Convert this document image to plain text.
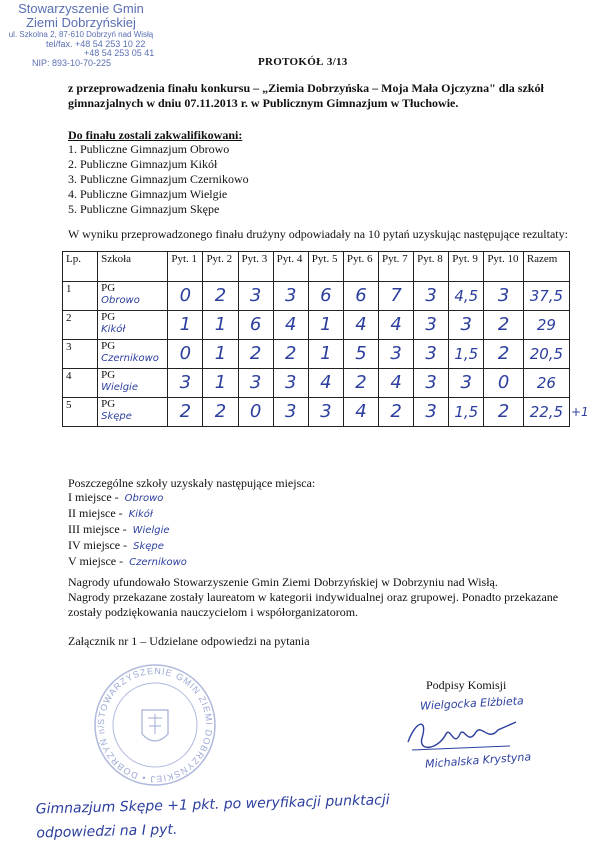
Stowarzyszenie Gmin
Ziemi Dobrzyńskiej
ul. Szkolna 2, 87-610 Dobrzyń nad Wisłą
tel/fax. +48 54 253 10 22
+48 54 253 05 41
NIP: 893-10-70-225	PROTOKÓŁ 3/13
z przeprowadzenia finału konkursu – „Ziemia Dobrzyńska – Moja Mała Ojczyzna" dla szkół gimnazjalnych w dniu 07.11.2013 r. w Publicznym Gimnazjum w Tłuchowie.
Do finału zostali zakwalifikowani:
1. Publiczne Gimnazjum Obrowo
2. Publiczne Gimnazjum Kikół
3. Publiczne Gimnazjum Czernikowo
4. Publiczne Gimnazjum Wielgie
5. Publiczne Gimnazjum Skępe
W wyniku przeprowadzonego finału drużyny odpowiadały na 10 pytań uzyskując następujące rezultaty:
Lp.	Szkoła	Pyt. 1	Pyt. 2	Pyt. 3	Pyt. 4	Pyt. 5	Pyt. 6	Pyt. 7	Pyt. 8	Pyt. 9	Pyt. 10	Razem
1	PG
Obrowo	0	2	3	3	6	6	7	3	4,5	3	37,5
2	PG
Kikół	1	1	6	4	1	4	4	3	3	2	29
3	PG
Czernikowo	0	1	2	2	1	5	3	3	1,5	2	20,5
4	PG
Wielgie	3	1	3	3	4	2	4	3	3	0	26
5	PG
Skępe	2	2	0	3	3	4	2	3	1,5	2	22,5 +1
Poszczególne szkoły uzyskały następujące miejsca:
I miejsce - Obrowo
II miejsce - Kikół
III miejsce - Wielgie
IV miejsce - Skępe
V miejsce - Czernikowo
Nagrody ufundowało Stowarzyszenie Gmin Ziemi Dobrzyńskiej w Dobrzyniu nad Wisłą.
Nagrody przekazane zostały laureatom w kategorii indywidualnej oraz grupowej. Ponadto przekazane zostały podziękowania nauczycielom i współorganizatorom.
Załącznik nr 1 – Udzielane odpowiedzi na pytania
STOWARZYSZENIE GMIN ZIEMI DOBRZYŃSKIEJ • DOBRZYŃ n/
Podpisy Komisji
Wielgocka Elżbieta
Michalska Krystyna
Gimnazjum Skępe +1 pkt. po weryfikacji punktacji
odpowiedzi na I pyt.
